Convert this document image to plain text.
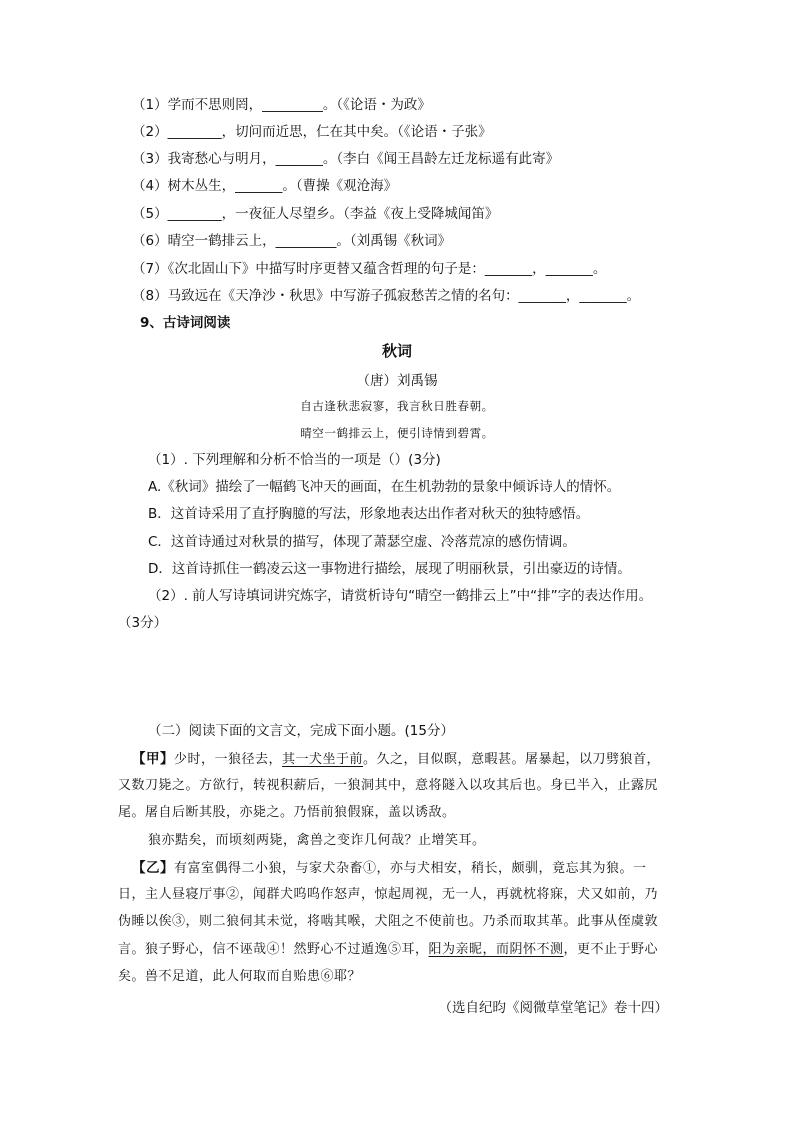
（1）学而不思则罔，_________。（《论语・为政》
（2）________，切问而近思，仁在其中矣。（《论语・子张》
（3）我寄愁心与明月，_______。（李白《闻王昌龄左迁龙标遥有此寄》
（4）树木丛生，_______。（曹操《观沧海》
（5）________，一夜征人尽望乡。（李益《夜上受降城闻笛》
（6）晴空一鹤排云上，_________。（刘禹锡《秋词》
（7）《次北固山下》中描写时序更替又蕴含哲理的句子是：_______，_______。
（8）马致远在《天净沙・秋思》中写游子孤寂愁苦之情的名句：_______，_______。
9、古诗词阅读
秋词
（唐）刘禹锡
自古逢秋悲寂寥，我言秋日胜春朝。
晴空一鹤排云上，便引诗情到碧霄。
（1）. 下列理解和分析不恰当的一项是（）(3分)
A.《秋词》描绘了一幅鹤飞冲天的画面，在生机勃勃的景象中倾诉诗人的情怀。
B．这首诗采用了直抒胸臆的写法，形象地表达出作者对秋天的独特感悟。
C．这首诗通过对秋景的描写，体现了萧瑟空虚、冷落荒凉的感伤情调。
D．这首诗抓住一鹤凌云这一事物进行描绘，展现了明丽秋景，引出豪迈的诗情。
（2）. 前人写诗填词讲究炼字，请赏析诗句“晴空一鹤排云上”中“排”字的表达作用。
（3分）
（二）阅读下面的文言文，完成下面小题。(15分）
【甲】少时，一狼径去，其一犬坐于前。久之，目似瞑，意暇甚。屠暴起，以刀劈狼首，
又数刀毙之。方欲行，转视积薪后，一狼洞其中，意将隧入以攻其后也。身已半入，止露尻
尾。屠自后断其股，亦毙之。乃悟前狼假寐，盖以诱敌。
狼亦黠矣，而顷刻两毙，禽兽之变诈几何哉？止增笑耳。
【乙】有富室偶得二小狼，与家犬杂畜①，亦与犬相安，稍长，颇驯，竟忘其为狼。一
日，主人昼寝厅事②，闻群犬呜呜作怒声，惊起周视，无一人，再就枕将寐，犬又如前，乃
伪睡以俟③，则二狼伺其未觉，将啮其喉，犬阻之不使前也。乃杀而取其革。此事从侄虞敦
言。狼子野心，信不诬哉④！然野心不过遁逸⑤耳，阳为亲昵，而阴怀不测，更不止于野心
矣。兽不足道，此人何取而自贻患⑥耶？
（选自纪昀《阅微草堂笔记》卷十四）
